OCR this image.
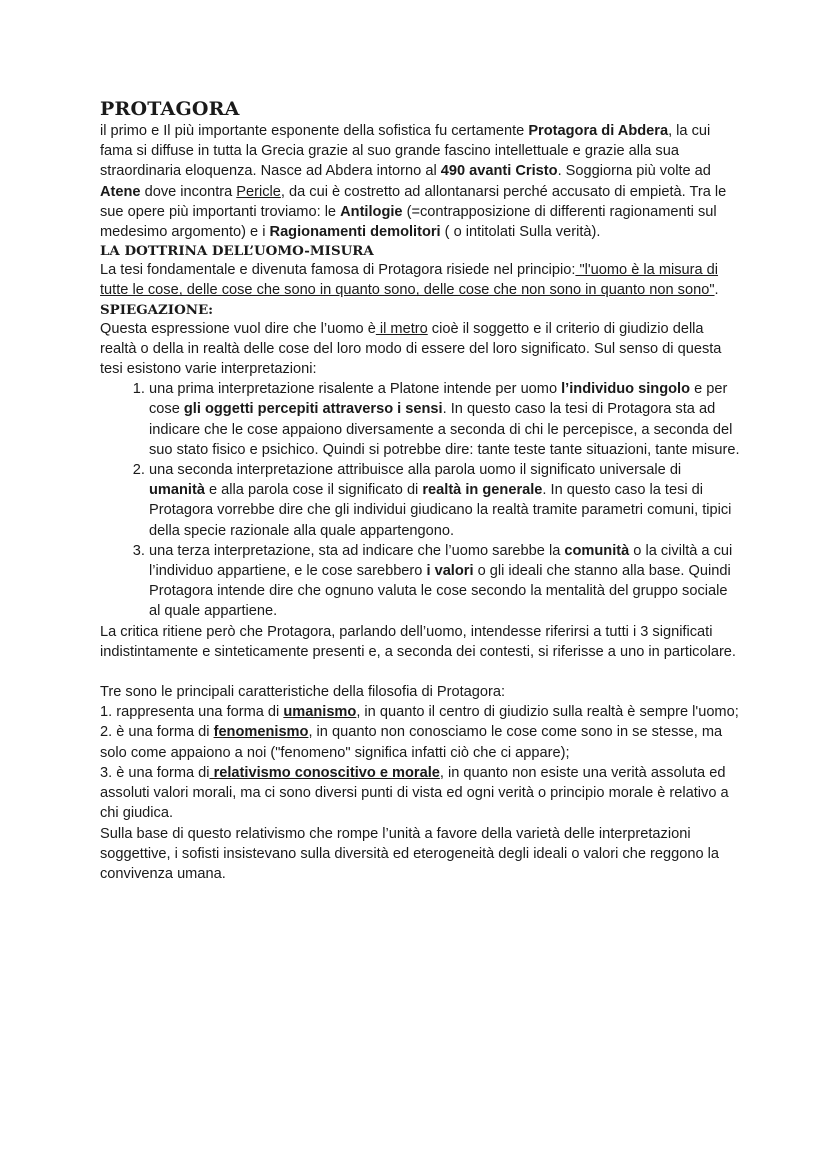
PROTAGORA

il primo e Il più importante esponente della sofistica fu certamente Protagora di Abdera, la cui fama si diffuse in tutta la Grecia grazie al suo grande fascino intellettuale e grazie alla sua straordinaria eloquenza. Nasce ad Abdera intorno al 490 avanti Cristo. Soggiorna più volte ad Atene dove incontra Pericle, da cui è costretto ad allontanarsi perché accusato di empietà. Tra le sue opere più importanti troviamo: le Antilogie (=contrapposizione di differenti ragionamenti sul medesimo argomento) e i Ragionamenti demolitori ( o intitolati Sulla verità).

LA DOTTRINA DELL’UOMO-MISURA

La tesi fondamentale e divenuta famosa di Protagora risiede nel principio: "l'uomo è la misura di tutte le cose, delle cose che sono in quanto sono, delle cose che non sono in quanto non sono".

SPIEGAZIONE:

Questa espressione vuol dire che l’uomo è il metro cioè il soggetto e il criterio di giudizio della realtà o della in realtà delle cose del loro modo di essere del loro significato. Sul senso di questa tesi esistono varie interpretazioni:

1. una prima interpretazione risalente a Platone intende per uomo l’individuo singolo e per cose gli oggetti percepiti attraverso i sensi. In questo caso la tesi di Protagora sta ad indicare che le cose appaiono diversamente a seconda di chi le percepisce, a seconda del suo stato fisico e psichico. Quindi si potrebbe dire: tante teste tante situazioni, tante misure.
2. una seconda interpretazione attribuisce alla parola uomo il significato universale di umanità e alla parola cose il significato di realtà in generale. In questo caso la tesi di Protagora vorrebbe dire che gli individui giudicano la realtà tramite parametri comuni, tipici della specie razionale alla quale appartengono.
3. una terza interpretazione, sta ad indicare che l’uomo sarebbe la comunità o la civiltà a cui l’individuo appartiene, e le cose sarebbero i valori o gli ideali che stanno alla base. Quindi Protagora intende dire che ognuno valuta le cose secondo la mentalità del gruppo sociale al quale appartiene.

La critica ritiene però che Protagora, parlando dell’uomo, intendesse riferirsi a tutti i 3 significati indistintamente e sinteticamente presenti e, a seconda dei contesti, si riferisse a uno in particolare.

Tre sono le principali caratteristiche della filosofia di Protagora:

1. rappresenta una forma di umanismo, in quanto il centro di giudizio sulla realtà è sempre l'uomo;

2. è una forma di fenomenismo, in quanto non conosciamo le cose come sono in se stesse, ma solo come appaiono a noi ("fenomeno" significa infatti ciò che ci appare);

3. è una forma di relativismo conoscitivo e morale, in quanto non esiste una verità assoluta ed assoluti valori morali, ma ci sono diversi punti di vista ed ogni verità o principio morale è relativo a chi giudica.

Sulla base di questo relativismo che rompe l’unità a favore della varietà delle interpretazioni soggettive, i sofisti insistevano sulla diversità ed eterogeneità degli ideali o valori che reggono la convivenza umana.
